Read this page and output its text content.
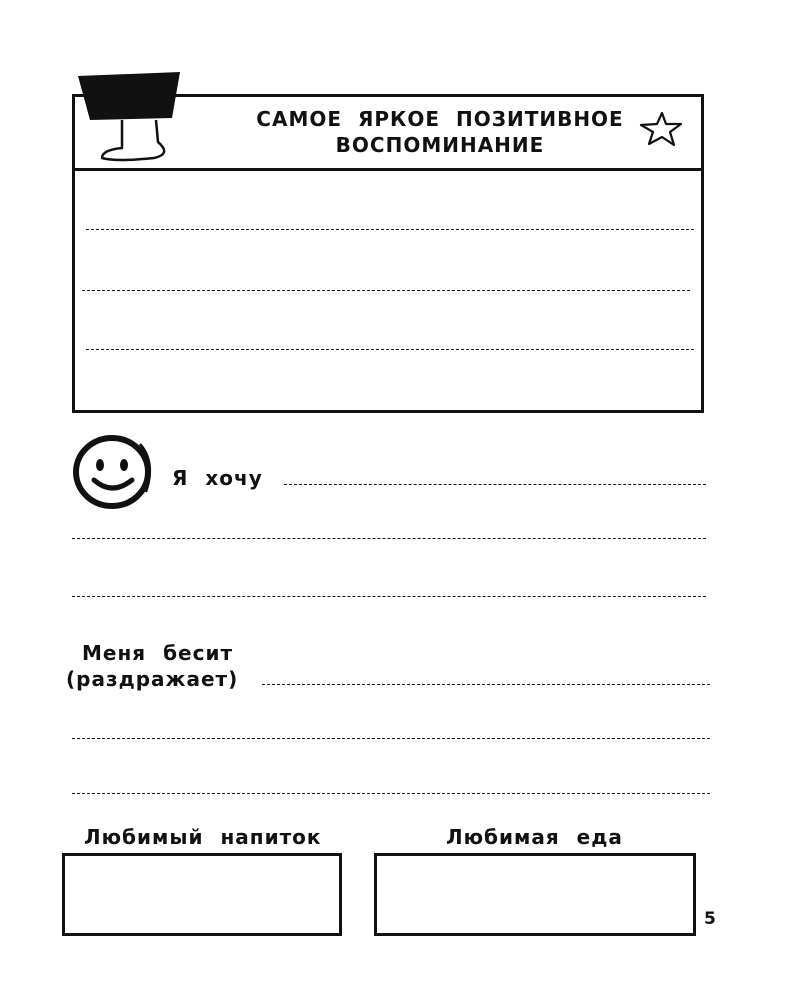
САМОЕ ЯРКОЕ ПОЗИТИВНОЕ
ВОСПОМИНАНИЕ
Я хочу
Меня бесит
(раздражает)
Любимый напиток	Любимая еда
5
